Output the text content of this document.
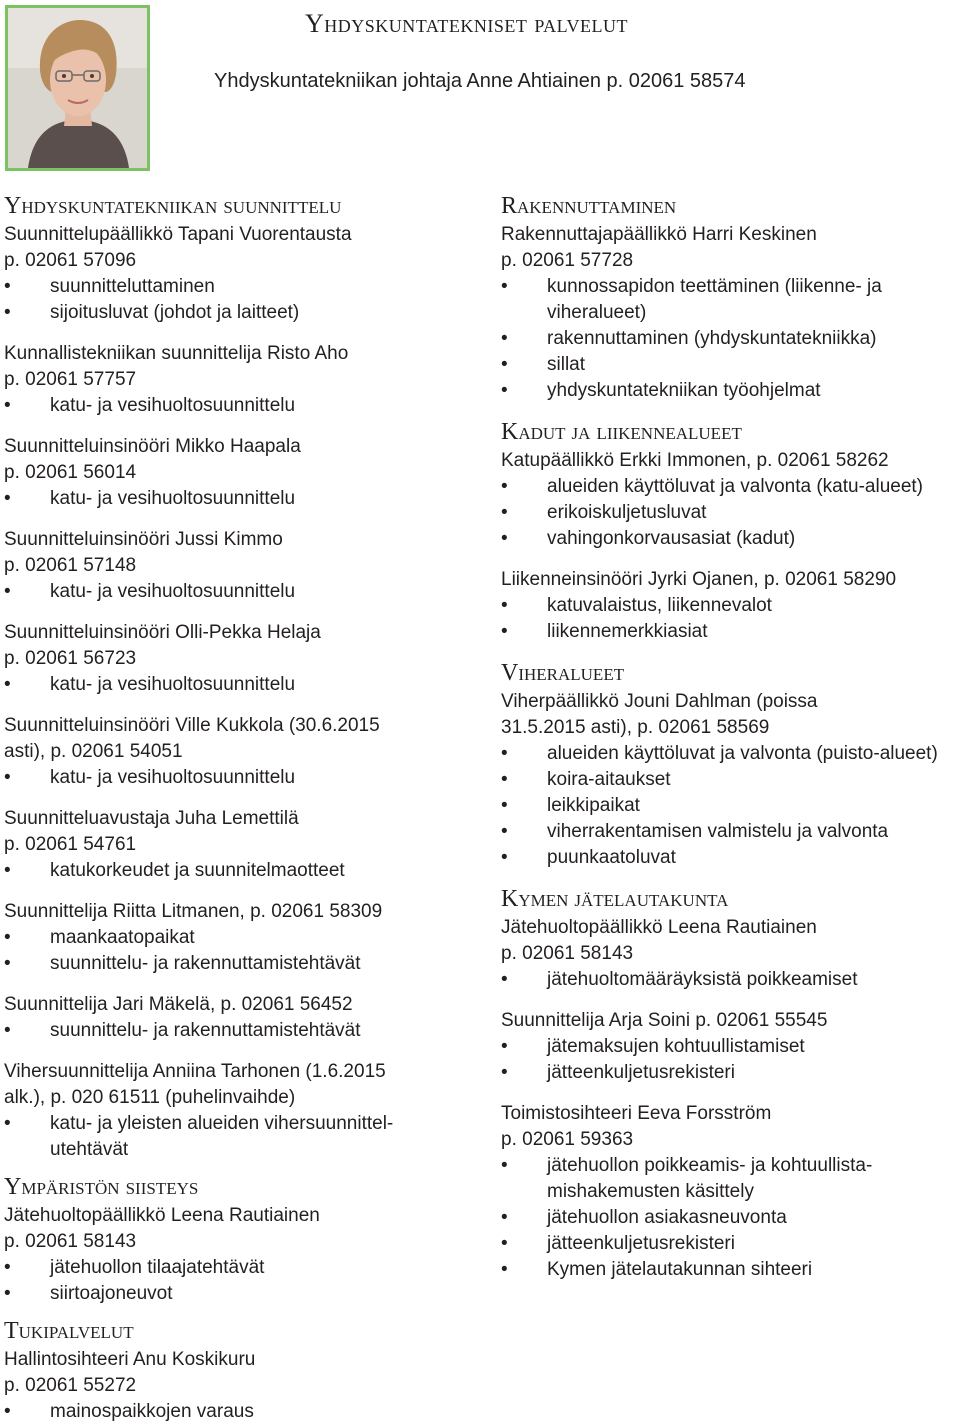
Yhdyskuntatekniset palvelut
Yhdyskuntatekniikan johtaja Anne Ahtiainen p. 02061 58574
Yhdyskuntatekniikan suunnittelu
Suunnittelupäällikkö Tapani Vuorentausta
p. 02061 57096
• suunnitteluttaminen
• sijoitusluvat (johdot ja laitteet)
Kunnallistekniikan suunnittelija Risto Aho
p. 02061 57757
• katu- ja vesihuoltosuunnittelu
Suunnitteluinsinööri Mikko Haapala
p. 02061 56014
• katu- ja vesihuoltosuunnittelu
Suunnitteluinsinööri Jussi Kimmo
p. 02061 57148
• katu- ja vesihuoltosuunnittelu
Suunnitteluinsinööri Olli-Pekka Helaja
p. 02061 56723
• katu- ja vesihuoltosuunnittelu
Suunnitteluinsinööri Ville Kukkola (30.6.2015
asti), p. 02061 54051
• katu- ja vesihuoltosuunnittelu
Suunnitteluavustaja Juha Lemettilä
p. 02061 54761
• katukorkeudet ja suunnitelmaotteet
Suunnittelija Riitta Litmanen, p. 02061 58309
• maankaatopaikat
• suunnittelu- ja rakennuttamistehtävät
Suunnittelija Jari Mäkelä, p. 02061 56452
• suunnittelu- ja rakennuttamistehtävät
Vihersuunnittelija Anniina Tarhonen (1.6.2015
alk.), p. 020 61511 (puhelinvaihde)
• katu- ja yleisten alueiden vihersuunnittel-utehtävät
Ympäristön siisteys
Jätehuoltopäällikkö Leena Rautiainen
p. 02061 58143
• jätehuollon tilaajatehtävät
• siirtoajoneuvot
Tukipalvelut
Hallintosihteeri Anu Koskikuru
p. 02061 55272
• mainospaikkojen varaus
Rakennuttaminen
Rakennuttajapäällikkö Harri Keskinen
p. 02061 57728
• kunnossapidon teettäminen (liikenne- ja viheralueet)
• rakennuttaminen (yhdyskuntatekniikka)
• sillat
• yhdyskuntatekniikan työohjelmat
Kadut ja liikennealueet
Katupäällikkö Erkki Immonen, p. 02061 58262
• alueiden käyttöluvat ja valvonta (katu-alueet)
• erikoiskuljetusluvat
• vahingonkorvausasiat (kadut)
Liikenneinsinööri Jyrki Ojanen, p. 02061 58290
• katuvalaistus, liikennevalot
• liikennemerkkiasiat
Viheralueet
Viherpäällikkö Jouni Dahlman (poissa
31.5.2015 asti), p. 02061 58569
• alueiden käyttöluvat ja valvonta (puisto-alueet)
• koira-aitaukset
• leikkipaikat
• viherrakentamisen valmistelu ja valvonta
• puunkaatoluvat
Kymen jätelautakunta
Jätehuoltopäällikkö Leena Rautiainen
p. 02061 58143
• jätehuoltomääräyksistä poikkeamiset
Suunnittelija Arja Soini p. 02061 55545
• jätemaksujen kohtuullistamiset
• jätteenkuljetusrekisteri
Toimistosihteeri Eeva Forsström
p. 02061 59363
• jätehuollon poikkeamis- ja kohtuullista-mishakemusten käsittely
• jätehuollon asiakasneuvonta
• jätteenkuljetusrekisteri
• Kymen jätelautakunnan sihteeri
